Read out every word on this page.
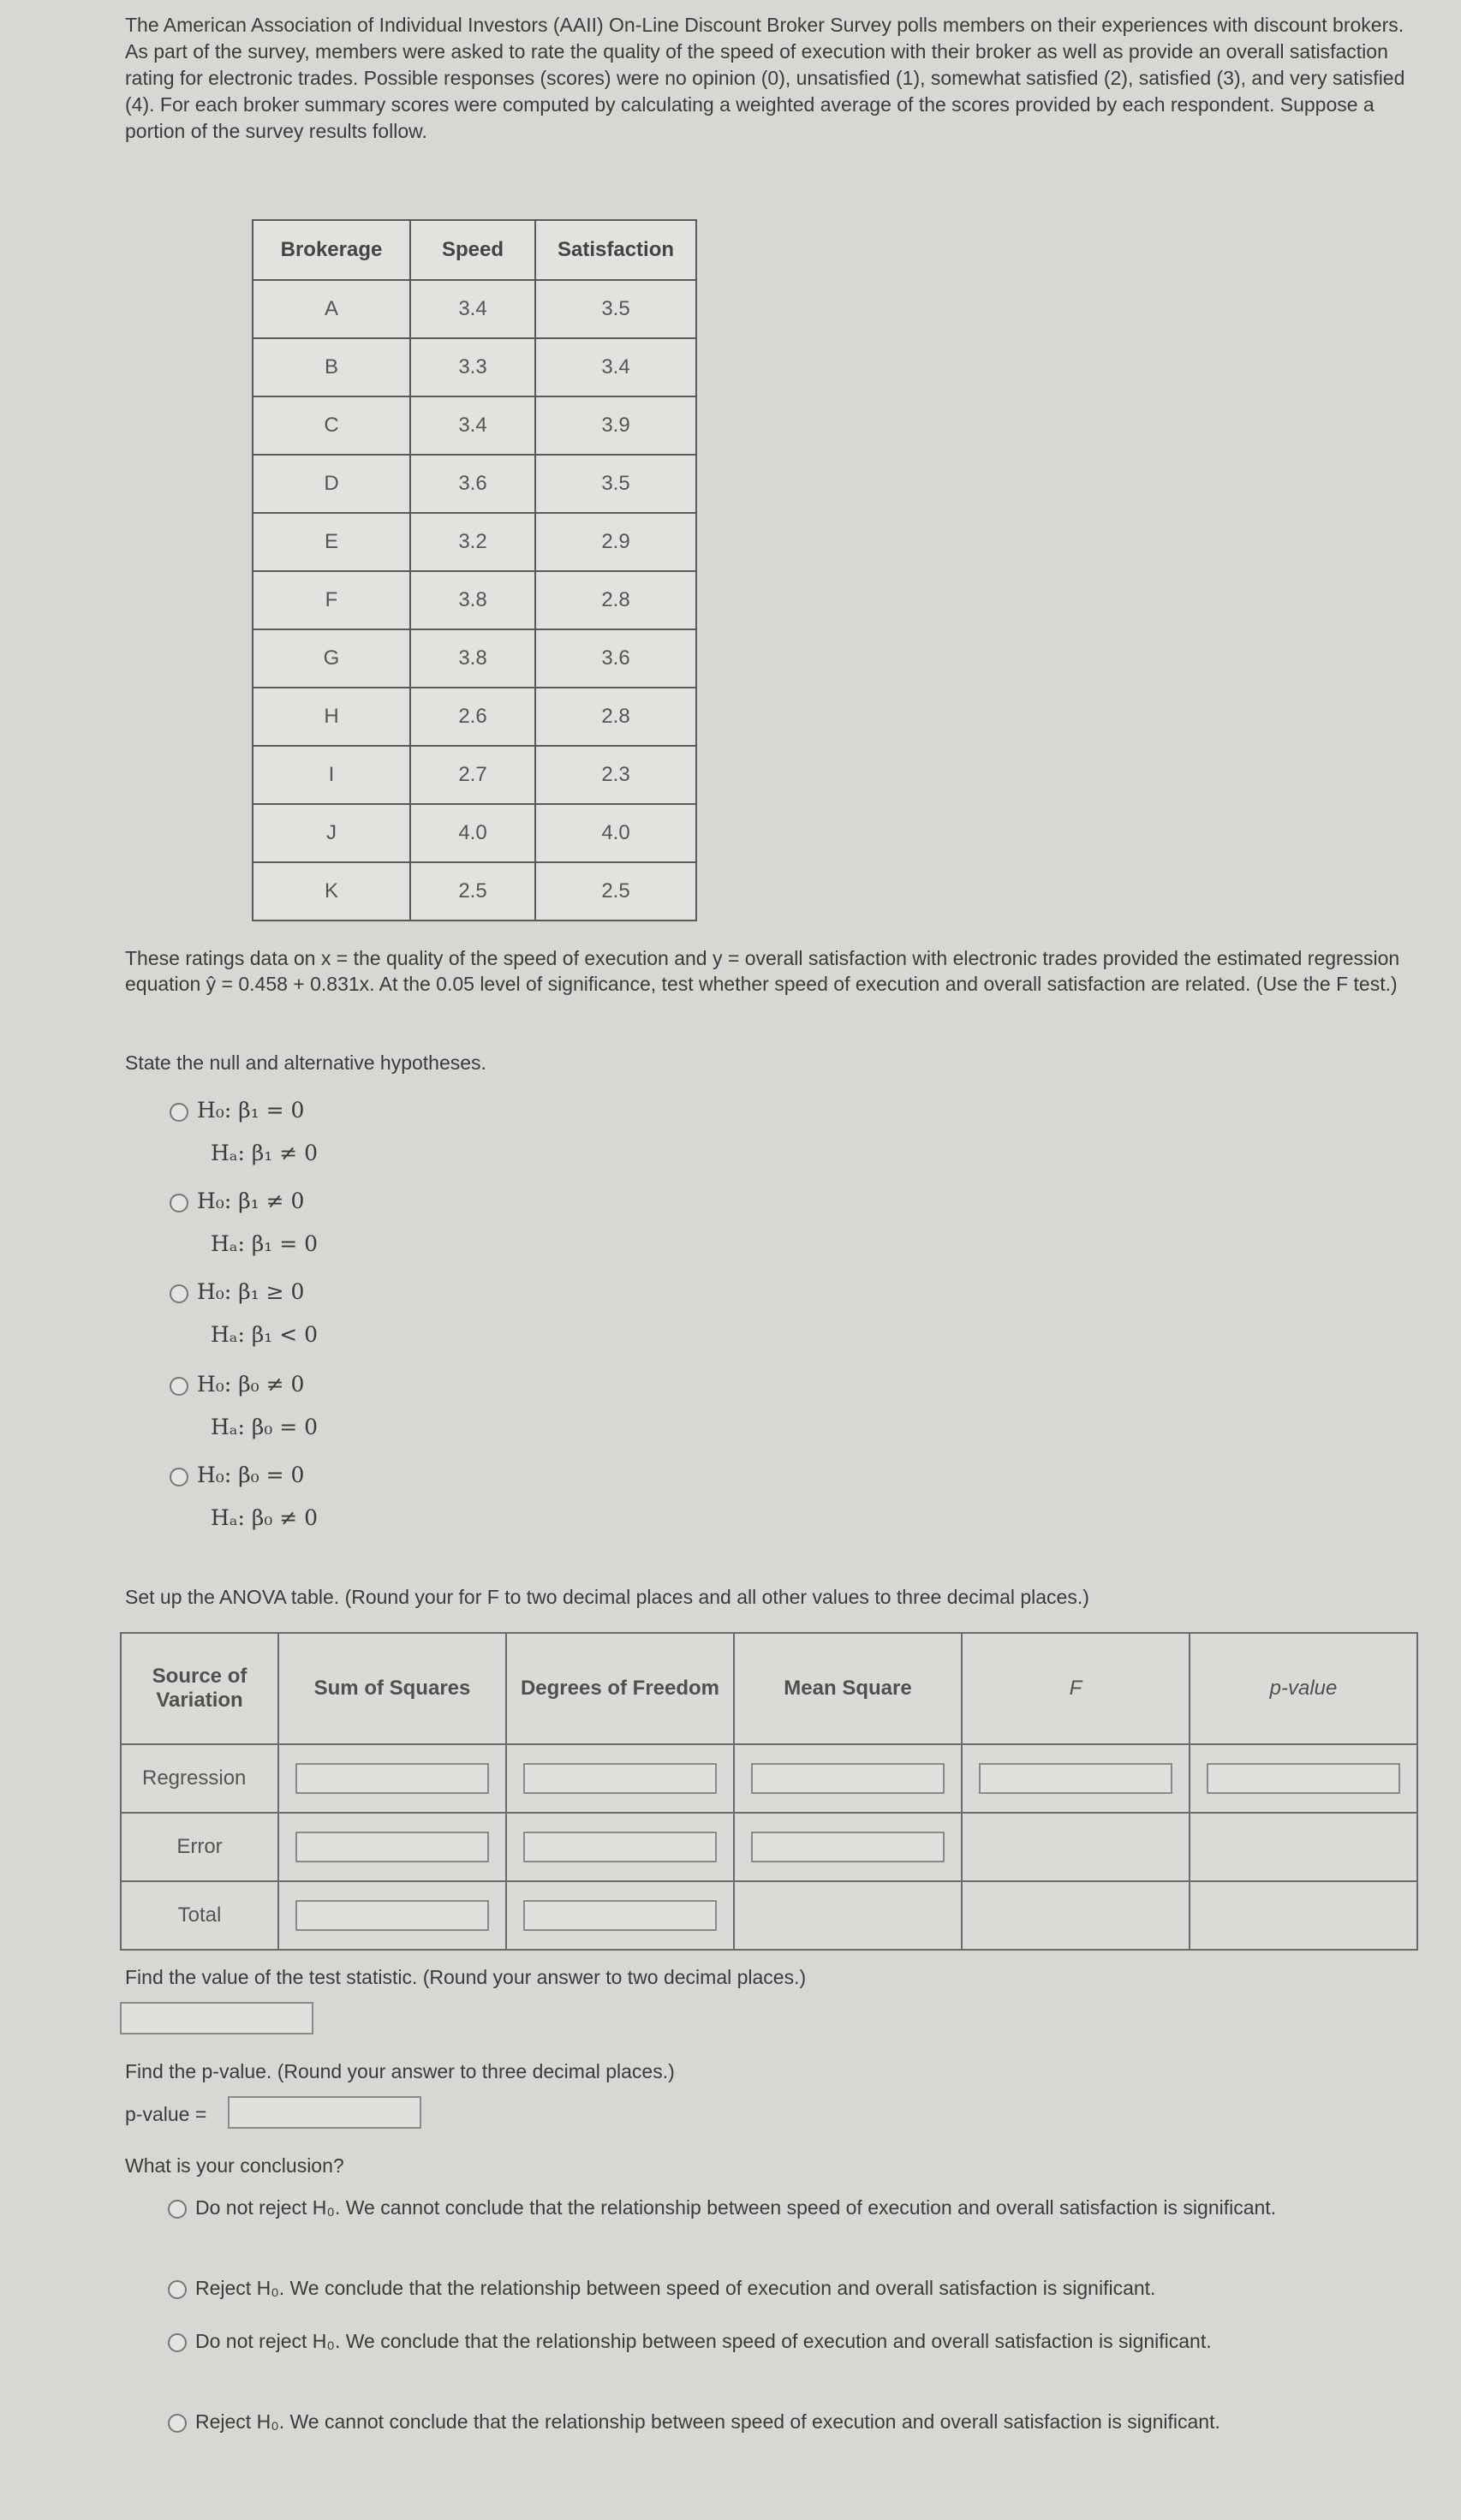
The American Association of Individual Investors (AAII) On-Line Discount Broker Survey polls members on their experiences with discount brokers. As part of the survey, members were asked to rate the quality of the speed of execution with their broker as well as provide an overall satisfaction rating for electronic trades. Possible responses (scores) were no opinion (0), unsatisfied (1), somewhat satisfied (2), satisfied (3), and very satisfied (4). For each broker summary scores were computed by calculating a weighted average of the scores provided by each respondent. Suppose a portion of the survey results follow.
Brokerage	Speed	Satisfaction
A	3.4	3.5
B	3.3	3.4
C	3.4	3.9
D	3.6	3.5
E	3.2	2.9
F	3.8	2.8
G	3.8	3.6
H	2.6	2.8
I	2.7	2.3
J	4.0	4.0
K	2.5	2.5
These ratings data on x = the quality of the speed of execution and y = overall satisfaction with electronic trades provided the estimated regression equation ŷ = 0.458 + 0.831x. At the 0.05 level of significance, test whether speed of execution and overall satisfaction are related. (Use the F test.)
State the null and alternative hypotheses.
H₀: β₁ = 0
Hₐ: β₁ ≠ 0
H₀: β₁ ≠ 0
Hₐ: β₁ = 0
H₀: β₁ ≥ 0
Hₐ: β₁ < 0
H₀: β₀ ≠ 0
Hₐ: β₀ = 0
H₀: β₀ = 0
Hₐ: β₀ ≠ 0
Set up the ANOVA table. (Round your for F to two decimal places and all other values to three decimal places.)
Source of Variation	Sum of Squares	Degrees of Freedom	Mean Square	F	p-value
Regression	

Error	

Total	

Find the value of the test statistic. (Round your answer to two decimal places.)
Find the p-value. (Round your answer to three decimal places.)
p-value =
What is your conclusion?
Do not reject H₀. We cannot conclude that the relationship between speed of execution and overall satisfaction is significant.
Reject H₀. We conclude that the relationship between speed of execution and overall satisfaction is significant.
Do not reject H₀. We conclude that the relationship between speed of execution and overall satisfaction is significant.
Reject H₀. We cannot conclude that the relationship between speed of execution and overall satisfaction is significant.
